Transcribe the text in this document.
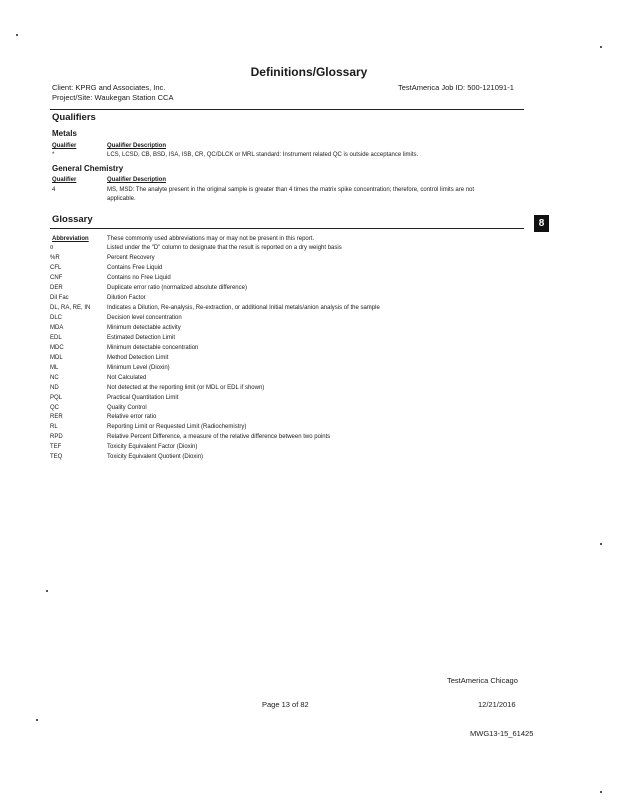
Definitions/Glossary
Client: KPRG and Associates, Inc.
Project/Site: Waukegan Station CCA
TestAmerica Job ID: 500-121091-1
Qualifiers
Metals
Qualifier	Qualifier Description
*	LCS, LCSD, CB, BSD, ISA, ISB, CR, QC/DLCK or MRL standard: Instrument related QC is outside acceptance limits.
General Chemistry
Qualifier	Qualifier Description
4	MS, MSD: The analyte present in the original sample is greater than 4 times the matrix spike concentration; therefore, control limits are not
applicable.
Glossary	8
Abbreviation	These commonly used abbreviations may or may not be present in this report.
¤	Listed under the "D" column to designate that the result is reported on a dry weight basis
%R	Percent Recovery
CFL	Contains Free Liquid
CNF	Contains no Free Liquid
DER	Duplicate error ratio (normalized absolute difference)
Dil Fac	Dilution Factor
DL, RA, RE, IN	Indicates a Dilution, Re-analysis, Re-extraction, or additional Initial metals/anion analysis of the sample
DLC	Decision level concentration
MDA	Minimum detectable activity
EDL	Estimated Detection Limit
MDC	Minimum detectable concentration
MDL	Method Detection Limit
ML	Minimum Level (Dioxin)
NC	Not Calculated
ND	Not detected at the reporting limit (or MDL or EDL if shown)
PQL	Practical Quantitation Limit
QC	Quality Control
RER	Relative error ratio
RL	Reporting Limit or Requested Limit (Radiochemistry)
RPD	Relative Percent Difference, a measure of the relative difference between two points
TEF	Toxicity Equivalent Factor (Dioxin)
TEQ	Toxicity Equivalent Quotient (Dioxin)
TestAmerica Chicago
Page 13 of 82	12/21/2016
MWG13-15_61425
